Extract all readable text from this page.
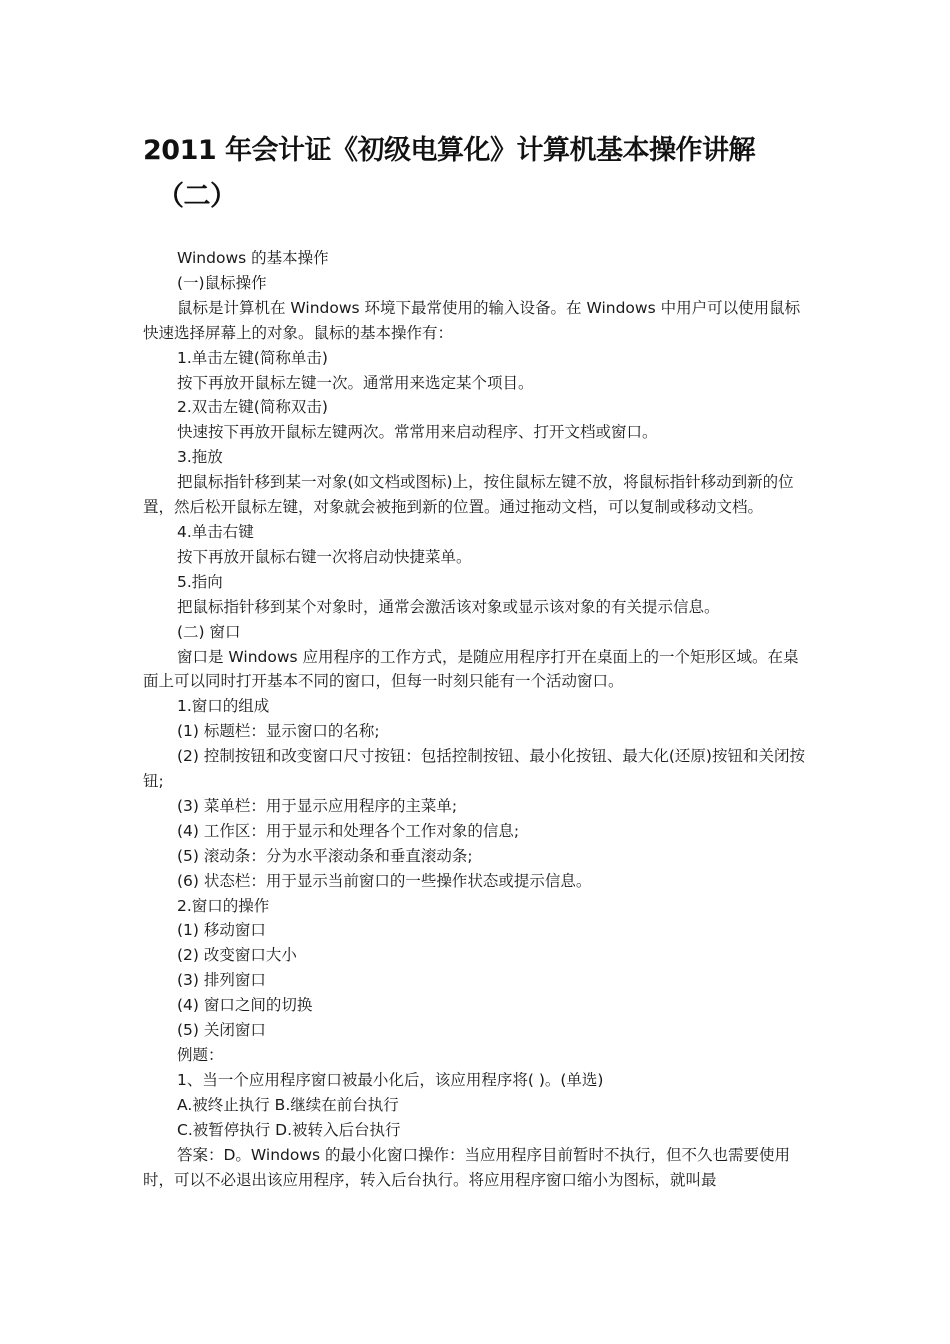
2011 年会计证《初级电算化》计算机基本操作讲解
（二）

Windows 的基本操作

(一)鼠标操作

鼠标是计算机在 Windows 环境下最常使用的输入设备。在 Windows 中用户可以使用鼠标快速选择屏幕上的对象。鼠标的基本操作有：

1.单击左键(简称单击)

按下再放开鼠标左键一次。通常用来选定某个项目。

2.双击左键(简称双击)

快速按下再放开鼠标左键两次。常常用来启动程序、打开文档或窗口。

3.拖放

把鼠标指针移到某一对象(如文档或图标)上，按住鼠标左键不放，将鼠标指针移动到新的位置，然后松开鼠标左键，对象就会被拖到新的位置。通过拖动文档，可以复制或移动文档。

4.单击右键

按下再放开鼠标右键一次将启动快捷菜单。

5.指向

把鼠标指针移到某个对象时，通常会激活该对象或显示该对象的有关提示信息。

(二) 窗口

窗口是 Windows 应用程序的工作方式，是随应用程序打开在桌面上的一个矩形区域。在桌面上可以同时打开基本不同的窗口，但每一时刻只能有一个活动窗口。

1.窗口的组成

(1) 标题栏：显示窗口的名称;

(2) 控制按钮和改变窗口尺寸按钮：包括控制按钮、最小化按钮、最大化(还原)按钮和关闭按钮;

(3) 菜单栏：用于显示应用程序的主菜单;

(4) 工作区：用于显示和处理各个工作对象的信息;

(5) 滚动条：分为水平滚动条和垂直滚动条;

(6) 状态栏：用于显示当前窗口的一些操作状态或提示信息。

2.窗口的操作

(1) 移动窗口

(2) 改变窗口大小

(3) 排列窗口

(4) 窗口之间的切换

(5) 关闭窗口

例题：

1、当一个应用程序窗口被最小化后，该应用程序将( )。(单选)

A.被终止执行 B.继续在前台执行

C.被暂停执行 D.被转入后台执行

答案：D。Windows 的最小化窗口操作：当应用程序目前暂时不执行，但不久也需要使用时，可以不必退出该应用程序，转入后台执行。将应用程序窗口缩小为图标，就叫最
